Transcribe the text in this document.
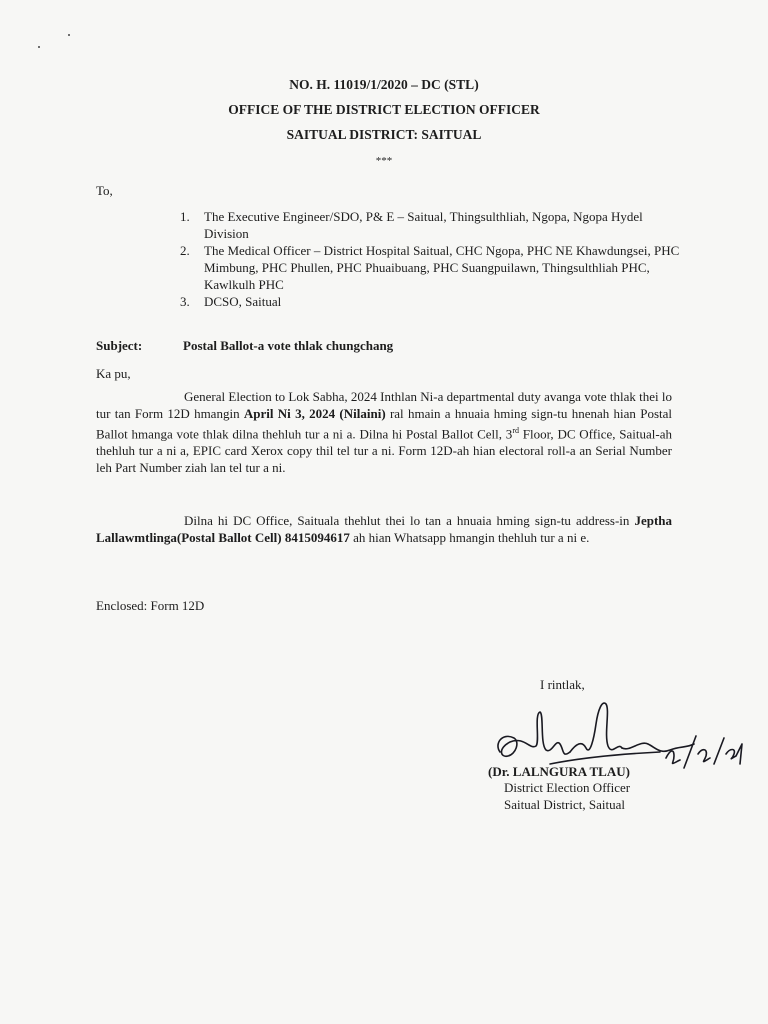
NO. H. 11019/1/2020 – DC (STL)
OFFICE OF THE DISTRICT ELECTION OFFICER
SAITUAL DISTRICT: SAITUAL
***
To,
1. The Executive Engineer/SDO, P& E – Saitual, Thingsulthliah, Ngopa, Ngopa Hydel Division
2. The Medical Officer – District Hospital Saitual, CHC Ngopa, PHC NE Khawdungsei, PHC Mimbung, PHC Phullen, PHC Phuaibuang, PHC Suangpuilawn, Thingsulthliah PHC, Kawlkulh PHC
3. DCSO, Saitual
Subject:	Postal Ballot-a vote thlak chungchang
Ka pu,
General Election to Lok Sabha, 2024 Inthlan Ni-a departmental duty avanga vote thlak thei lo tur tan Form 12D hmangin April Ni 3, 2024 (Nilaini) ral hmain a hnuaia hming sign-tu hnenah hian Postal Ballot hmanga vote thlak dilna thehluh tur a ni a. Dilna hi Postal Ballot Cell, 3rd Floor, DC Office, Saitual-ah thehluh tur a ni a, EPIC card Xerox copy thil tel tur a ni. Form 12D-ah hian electoral roll-a an Serial Number leh Part Number ziah lan tel tur a ni.
Dilna hi DC Office, Saituala thehlut thei lo tan a hnuaia hming sign-tu address-in Jeptha Lallawmtlinga(Postal Ballot Cell) 8415094617 ah hian Whatsapp hmangin thehluh tur a ni e.
Enclosed: Form 12D
I rintlak,
(Dr. LALNGURA TLAU)
District Election Officer
Saitual District, Saitual
